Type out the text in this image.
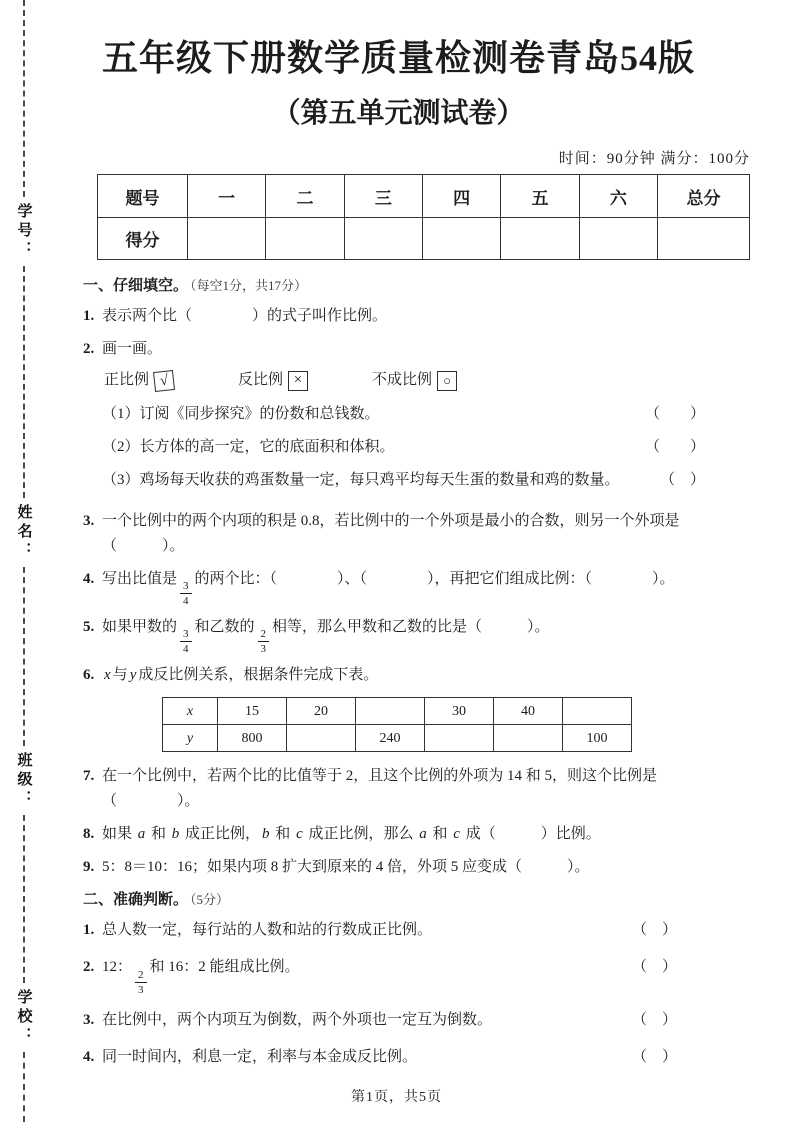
学号：
姓名：
班级：
学校：
五年级下册数学质量检测卷青岛54版
（第五单元测试卷）
时间：90分钟 满分：100分
题号	一	二	三	四	五	六	总分
得分							
一、仔细填空。 （每空1分，共17分）
1. 表示两个比（　　　　）的式子叫作比例。
2. 画一画。
正比例 √	反比例 ×	不成比例 ○
（1）订阅《同步探究》的份数和总钱数。	（　　）
（2）长方体的高一定，它的底面积和体积。	（　　）
（3）鸡场每天收获的鸡蛋数量一定，每只鸡平均每天生蛋的数量和鸡的数量。	（　）
3. 一个比例中的两个内项的积是 0.8，若比例中的一个外项是最小的合数，则另一个外项是（　　　）。
4. 写出比值是
$\frac{3}{4}$
的两个比：（　　　　）、（　　　　），再把它们组成比例：（　　　　）。
5. 如果甲数的
$\frac{3}{4}$
和乙数的
$\frac{2}{3}$
相等，那么甲数和乙数的比是（　　　）。
6. x 与 y 成反比例关系，根据条件完成下表。
x	15	20		30	40	
y	800		240			100
7. 在一个比例中，若两个比的比值等于 2，且这个比例的外项为 14 和 5，则这个比例是（　　　　）。
8. 如果 a 和 b 成正比例， b 和 c 成正比例，那么 a 和 c 成（　　　）比例。
9. 5：8＝10：16；如果内项 8 扩大到原来的 4 倍，外项 5 应变成（　　　）。
二、准确判断。 （5分）
1. 总人数一定，每行站的人数和站的行数成正比例。	（　）
2. 12：
$\frac{2}{3}$
和 16：2 能组成比例。	（　）
3. 在比例中，两个内项互为倒数，两个外项也一定互为倒数。	（　）
4. 同一时间内，利息一定，利率与本金成反比例。	（　）
第1页，共5页
